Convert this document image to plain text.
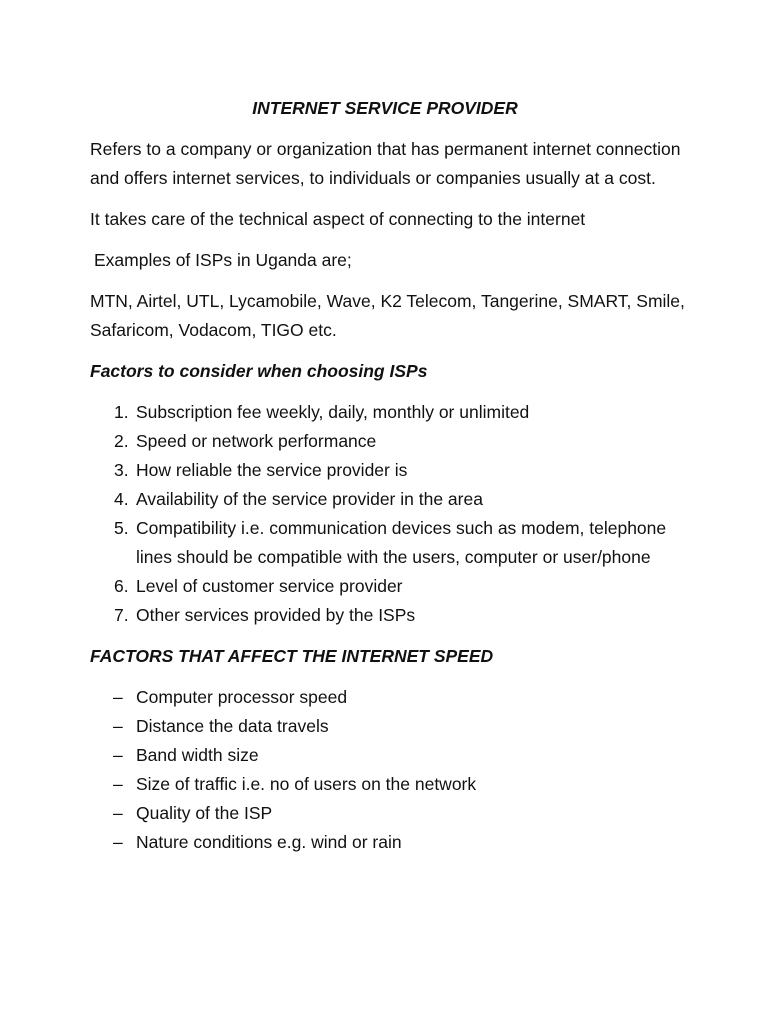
INTERNET SERVICE PROVIDER

Refers to a company or organization that has permanent internet connection and offers internet services, to individuals or companies usually at a cost.

It takes care of the technical aspect of connecting to the internet

Examples of ISPs in Uganda are;

MTN, Airtel, UTL, Lycamobile, Wave, K2 Telecom, Tangerine, SMART, Smile, Safaricom, Vodacom, TIGO etc.

Factors to consider when choosing ISPs
1. Subscription fee weekly, daily, monthly or unlimited
2. Speed or network performance
3. How reliable the service provider is
4. Availability of the service provider in the area
5. Compatibility i.e. communication devices such as modem, telephone lines should be compatible with the users, computer or user/phone
6. Level of customer service provider
7. Other services provided by the ISPs
FACTORS THAT AFFECT THE INTERNET SPEED
– Computer processor speed
– Distance the data travels
– Band width size
– Size of traffic i.e. no of users on the network
– Quality of the ISP
– Nature conditions e.g. wind or rain
